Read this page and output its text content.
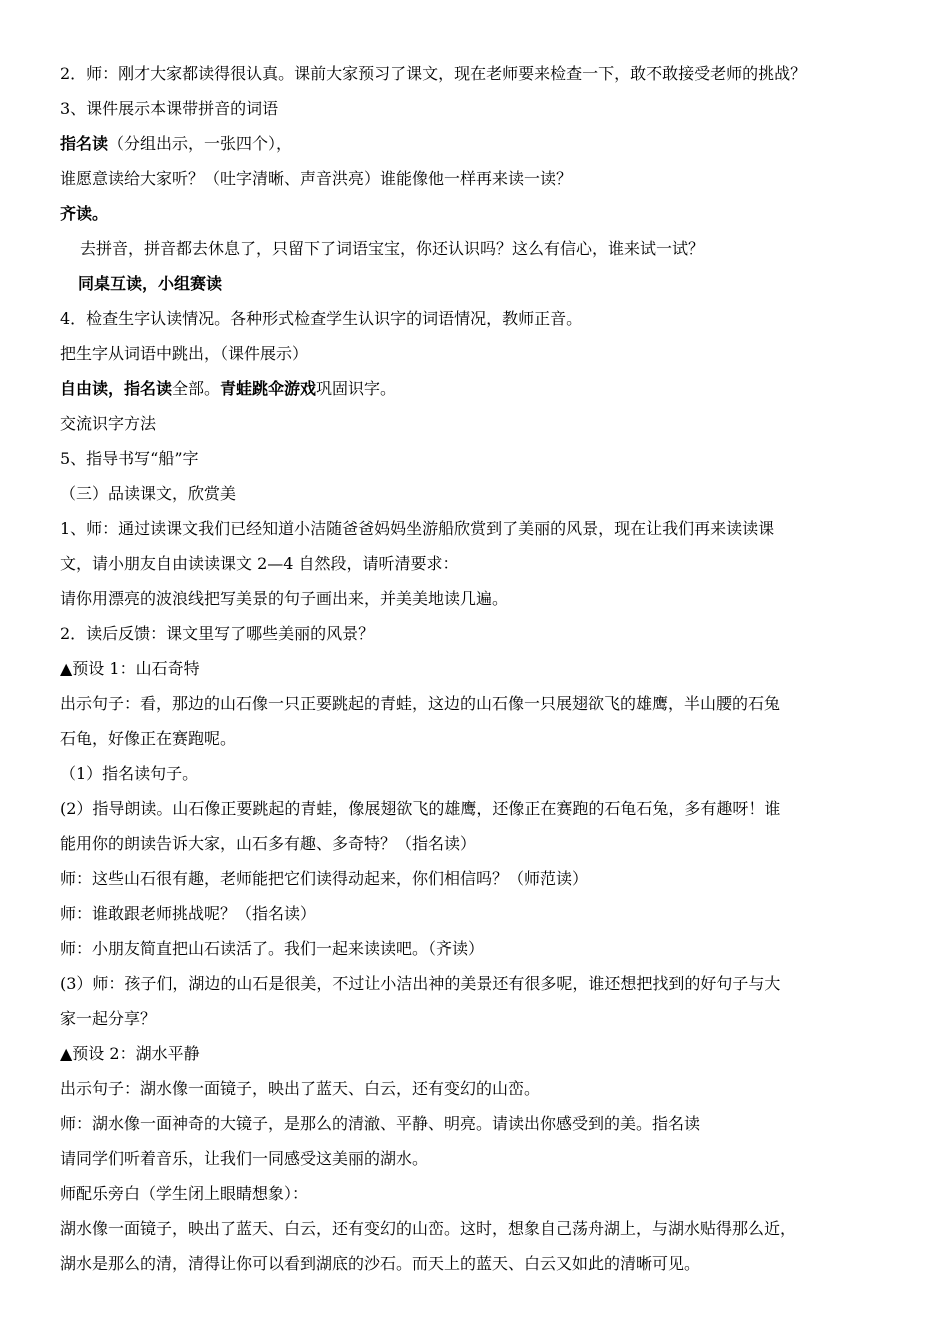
2．师：刚才大家都读得很认真。课前大家预习了课文，现在老师要来检查一下，敢不敢接受老师的挑战？
3、课件展示本课带拼音的词语
指名读（分组出示，一张四个），
谁愿意读给大家听？（吐字清晰、声音洪亮）谁能像他一样再来读一读？
齐读。
去拼音，拼音都去休息了，只留下了词语宝宝，你还认识吗？这么有信心，谁来试一试？
同桌互读，小组赛读
4．检查生字认读情况。各种形式检查学生认识字的词语情况，教师正音。
把生字从词语中跳出，（课件展示）
自由读，指名读全部。青蛙跳伞游戏巩固识字。
交流识字方法
5、指导书写“船”字
（三）品读课文，欣赏美
1、师：通过读课文我们已经知道小洁随爸爸妈妈坐游船欣赏到了美丽的风景，现在让我们再来读读课
文，请小朋友自由读读课文 2—4 自然段，请听清要求：
请你用漂亮的波浪线把写美景的句子画出来，并美美地读几遍。
2．读后反馈：课文里写了哪些美丽的风景？
▲预设 1：山石奇特
出示句子：看，那边的山石像一只正要跳起的青蛙，这边的山石像一只展翅欲飞的雄鹰，半山腰的石兔
石龟，好像正在赛跑呢。
（1）指名读句子。
(2）指导朗读。山石像正要跳起的青蛙，像展翅欲飞的雄鹰，还像正在赛跑的石龟石兔，多有趣呀！谁
能用你的朗读告诉大家，山石多有趣、多奇特？（指名读）
师：这些山石很有趣，老师能把它们读得动起来，你们相信吗？（师范读）
师：谁敢跟老师挑战呢？（指名读）
师：小朋友简直把山石读活了。我们一起来读读吧。（齐读）
(3）师：孩子们，湖边的山石是很美，不过让小洁出神的美景还有很多呢，谁还想把找到的好句子与大
家一起分享？
▲预设 2：湖水平静
出示句子：湖水像一面镜子，映出了蓝天、白云，还有变幻的山峦。
师：湖水像一面神奇的大镜子，是那么的清澈、平静、明亮。请读出你感受到的美。指名读
请同学们听着音乐，让我们一同感受这美丽的湖水。
师配乐旁白（学生闭上眼睛想象）：
湖水像一面镜子，映出了蓝天、白云，还有变幻的山峦。这时，想象自己荡舟湖上，与湖水贴得那么近，
湖水是那么的清，清得让你可以看到湖底的沙石。而天上的蓝天、白云又如此的清晰可见。
